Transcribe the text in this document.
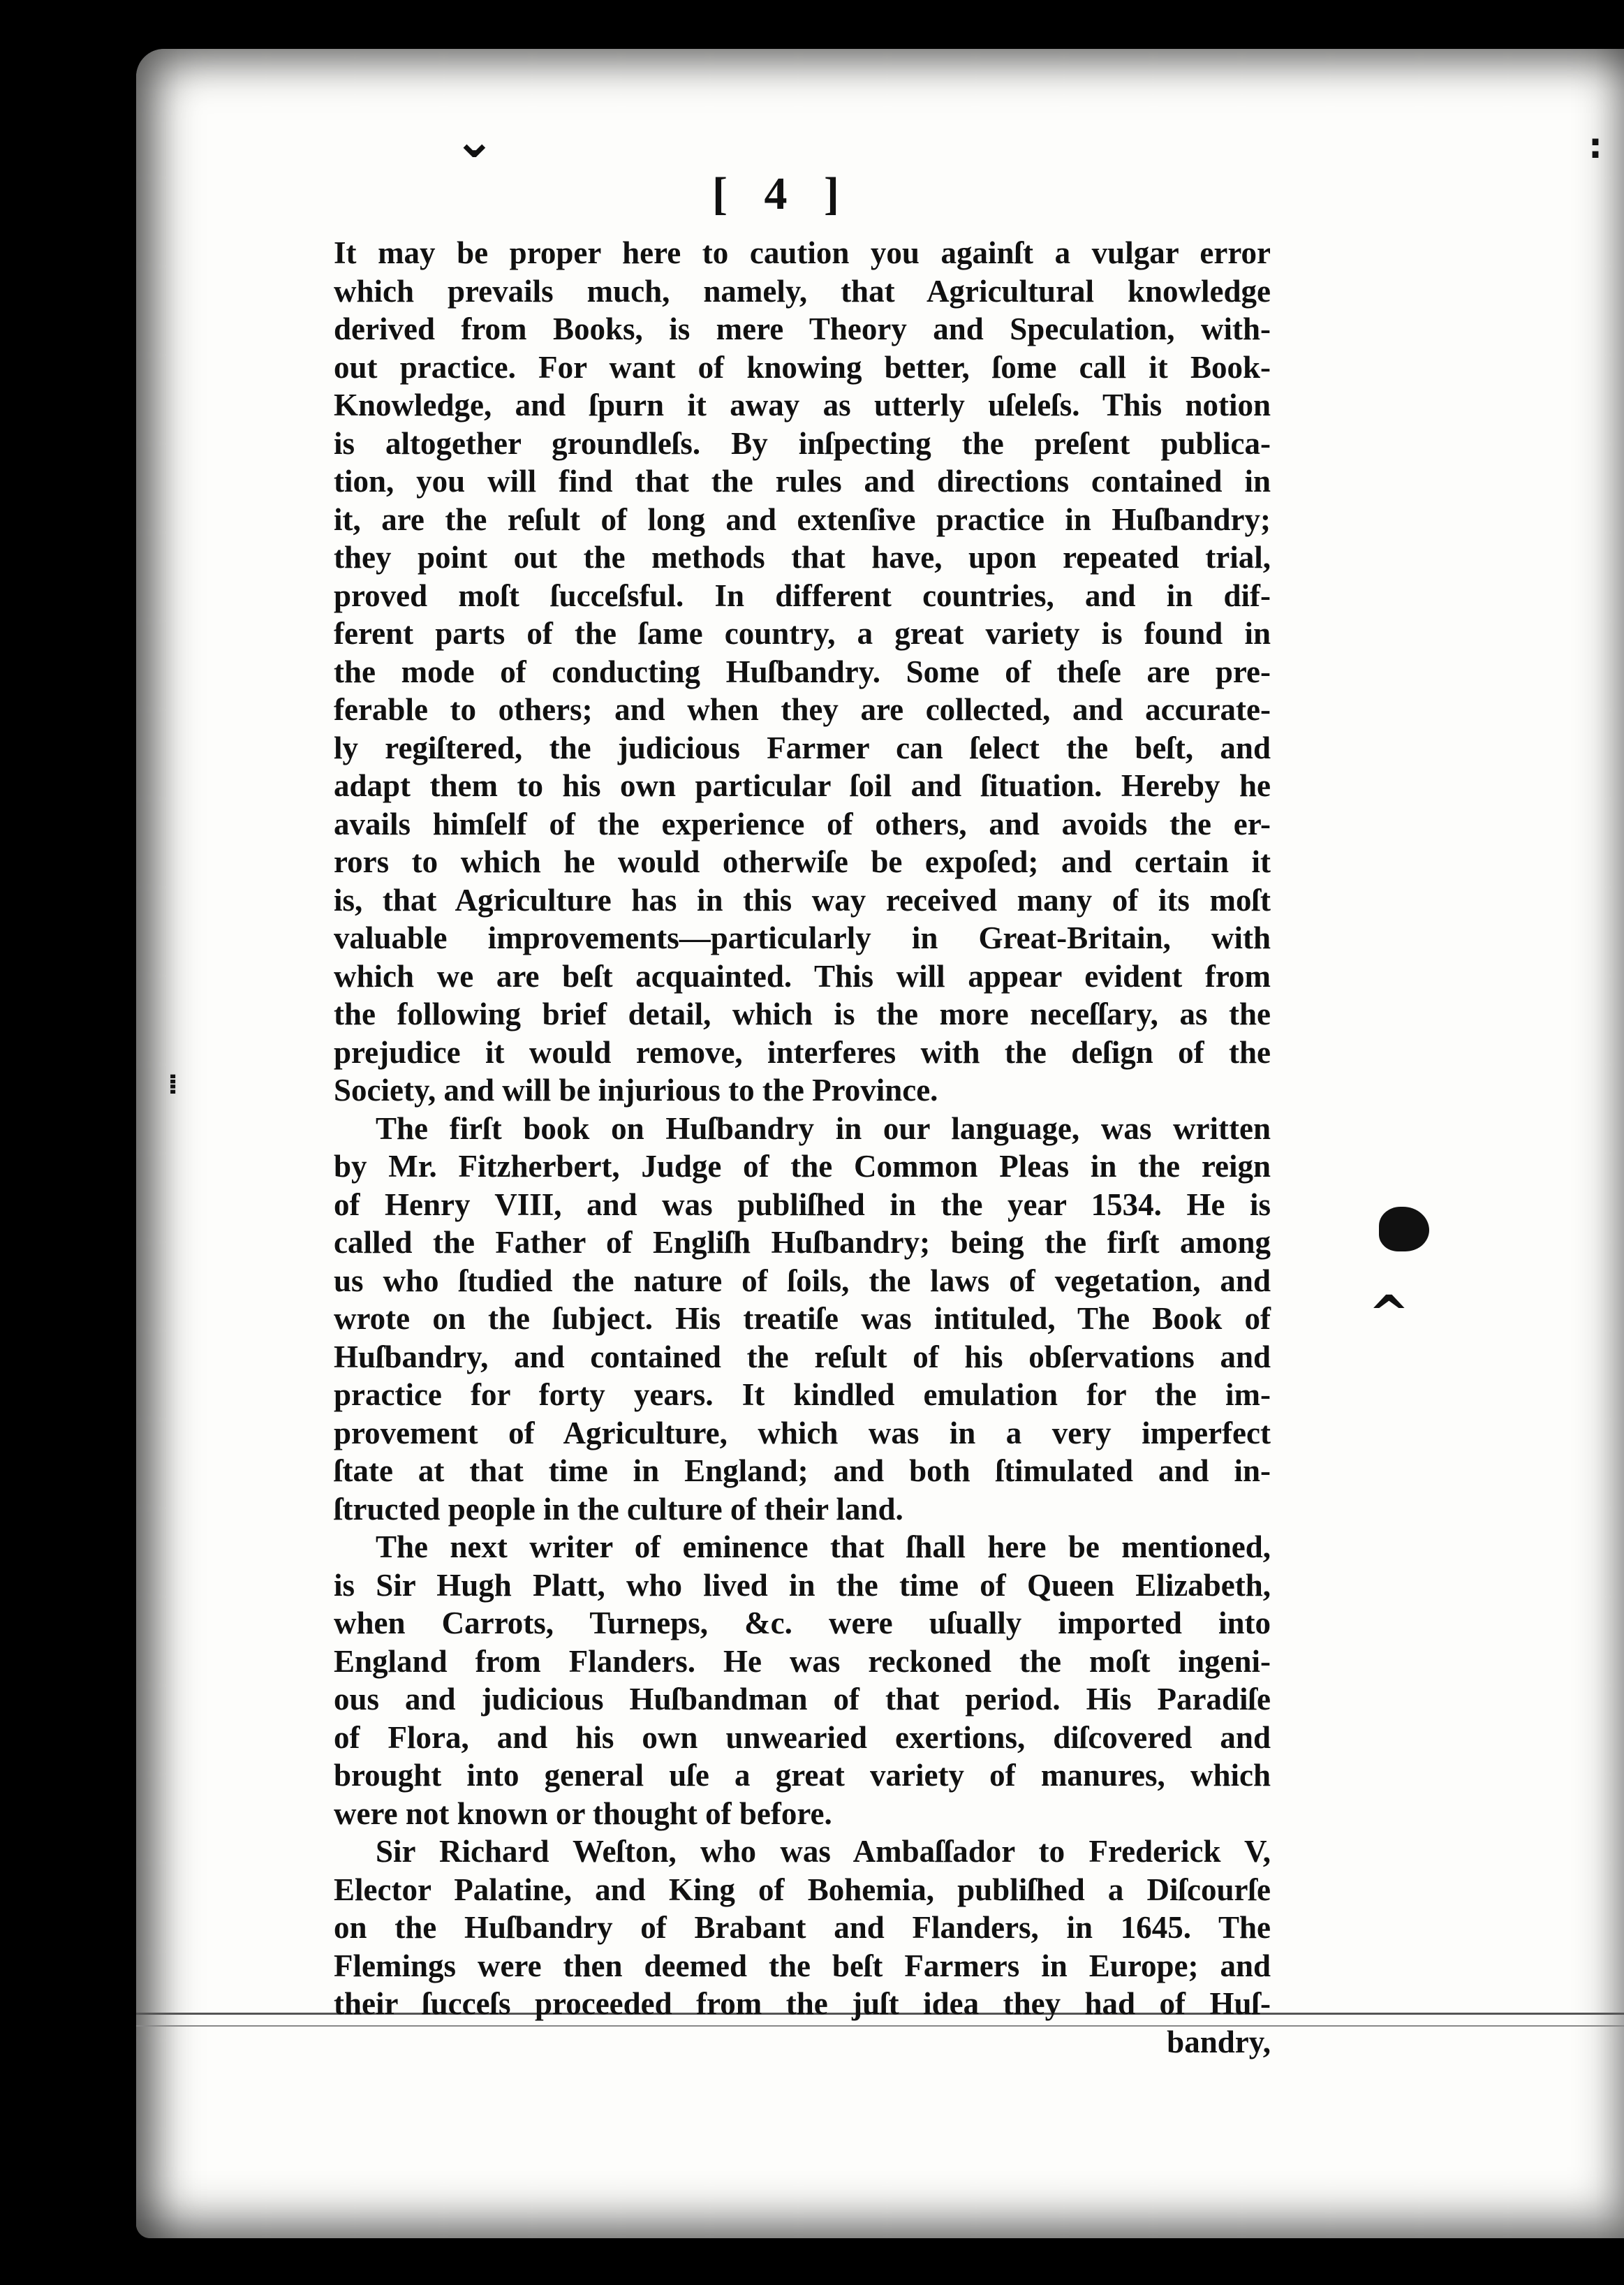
⌄	:
^
⁞
[ 4 ]
It may be proper here to caution you againſt a vulgar error
which prevails much, namely, that Agricultural knowledge
derived from Books, is mere Theory and Speculation, with-
out practice. For want of knowing better, ſome call it Book-
Knowledge, and ſpurn it away as utterly uſeleſs. This notion
is altogether groundleſs. By inſpecting the preſent publica-
tion, you will find that the rules and directions contained in
it, are the reſult of long and extenſive practice in Huſbandry;
they point out the methods that have, upon repeated trial,
proved moſt ſucceſsful. In different countries, and in dif-
ferent parts of the ſame country, a great variety is found in
the mode of conducting Huſbandry. Some of theſe are pre-
ferable to others; and when they are collected, and accurate-
ly regiſtered, the judicious Farmer can ſelect the beſt, and
adapt them to his own particular ſoil and ſituation. Hereby he
avails himſelf of the experience of others, and avoids the er-
rors to which he would otherwiſe be expoſed; and certain it
is, that Agriculture has in this way received many of its moſt
valuable improvements—particularly in Great-Britain, with
which we are beſt acquainted. This will appear evident from
the following brief detail, which is the more neceſſary, as the
prejudice it would remove, interferes with the deſign of the
Society, and will be injurious to the Province.
The firſt book on Huſbandry in our language, was written
by Mr. Fitzherbert, Judge of the Common Pleas in the reign
of Henry VIII, and was publiſhed in the year 1534. He is
called the Father of Engliſh Huſbandry; being the firſt among
us who ſtudied the nature of ſoils, the laws of vegetation, and
wrote on the ſubject. His treatiſe was intituled, The Book of
Huſbandry, and contained the reſult of his obſervations and
practice for forty years. It kindled emulation for the im-
provement of Agriculture, which was in a very imperfect
ſtate at that time in England; and both ſtimulated and in-
ſtructed people in the culture of their land.
The next writer of eminence that ſhall here be mentioned,
is Sir Hugh Platt, who lived in the time of Queen Elizabeth,
when Carrots, Turneps, &c. were uſually imported into
England from Flanders. He was reckoned the moſt ingeni-
ous and judicious Huſbandman of that period. His Paradiſe
of Flora, and his own unwearied exertions, diſcovered and
brought into general uſe a great variety of manures, which
were not known or thought of before.
Sir Richard Weſton, who was Ambaſſador to Frederick V,
Elector Palatine, and King of Bohemia, publiſhed a Diſcourſe
on the Huſbandry of Brabant and Flanders, in 1645. The
Flemings were then deemed the beſt Farmers in Europe; and
their ſucceſs proceeded from the juſt idea they had of Huſ-
bandry,
